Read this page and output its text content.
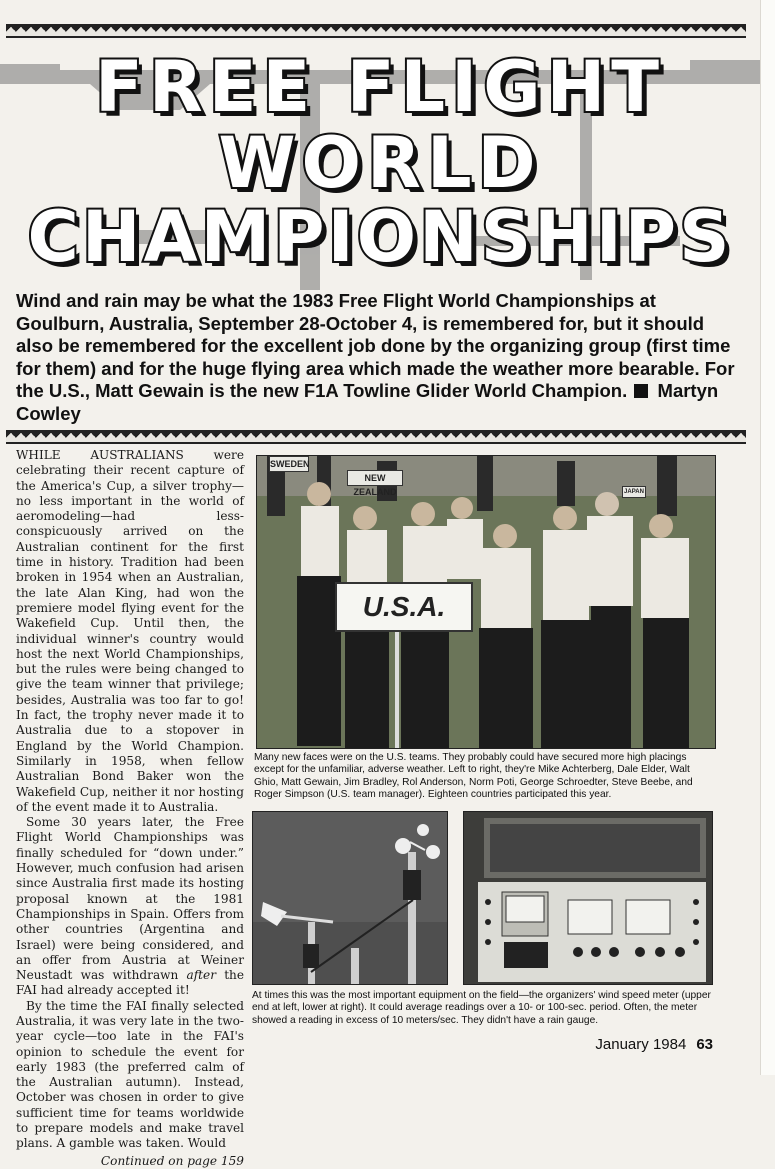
FREE FLIGHT
WORLD
CHAMPIONSHIPS
Wind and rain may be what the 1983 Free Flight World Championships at Goulburn, Australia, September 28-October 4, is remembered for, but it should also be remembered for the excellent job done by the organizing group (first time for them) and for the huge flying area which made the weather more bearable. For the U.S., Matt Gewain is the new F1A Towline Glider World Champion. Martyn Cowley

WHILE AUSTRALIANS were celebrating their recent capture of the America's Cup, a silver trophy—no less important in the world of aeromodeling—had less-conspicuously arrived on the Australian continent for the first time in history. Tradition had been broken in 1954 when an Australian, the late Alan King, had won the premiere model flying event for the Wakefield Cup. Until then, the individual winner's country would host the next World Championships, but the rules were being changed to give the team winner that privilege; besides, Australia was too far to go! In fact, the trophy never made it to Australia due to a stopover in England by the World Champion. Similarly in 1958, when fellow Australian Bond Baker won the Wakefield Cup, neither it nor hosting of the event made it to Australia.

Some 30 years later, the Free Flight World Championships was finally scheduled for “down under.” However, much confusion had arisen since Australia first made its hosting proposal known at the 1981 Championships in Spain. Offers from other countries (Argentina and Israel) were being considered, and an offer from Austria at Weiner Neustadt was withdrawn after the FAI had already accepted it!

By the time the FAI finally selected Australia, it was very late in the two-year cycle—too late in the FAI's opinion to schedule the event for early 1983 (the preferred calm of the Australian autumn). Instead, October was chosen in order to give sufficient time for teams worldwide to prepare models and make travel plans. A gamble was taken. Would

Continued on page 159
SWEDEN
NEW ZEALAND	JAPAN
U.S.A.
Many new faces were on the U.S. teams. They probably could have secured more high placings except for the unfamiliar, adverse weather. Left to right, they're Mike Achterberg, Dale Elder, Walt Ghio, Matt Gewain, Jim Bradley, Rol Anderson, Norm Poti, George Schroedter, Steve Beebe, and Roger Simpson (U.S. team manager). Eighteen countries participated this year.
At times this was the most important equipment on the field—the organizers' wind speed meter (upper end at left, lower at right). It could average readings over a 10- or 100-sec. period. Often, the meter showed a reading in excess of 10 meters/sec. They didn't have a rain gauge.
January 1984 63
